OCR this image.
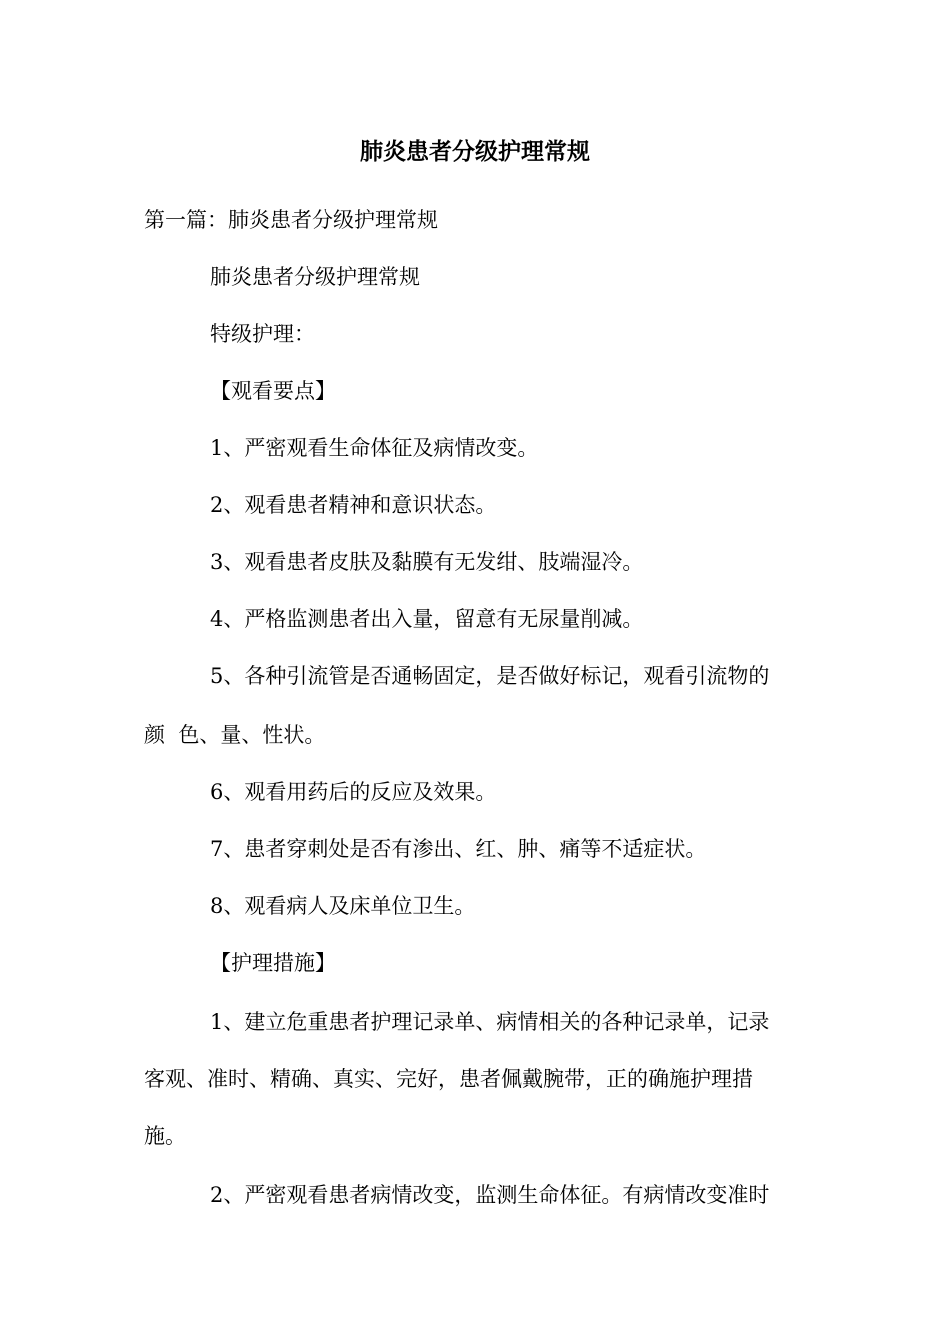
肺炎患者分级护理常规

第一篇：肺炎患者分级护理常规

肺炎患者分级护理常规

特级护理：

【观看要点】

1、严密观看生命体征及病情改变。

2、观看患者精神和意识状态。

3、观看患者皮肤及黏膜有无发绀、肢端湿冷。

4、严格监测患者出入量，留意有无尿量削减。

5、各种引流管是否通畅固定，是否做好标记，观看引流物的

颜  色、量、性状。

6、观看用药后的反应及效果。

7、患者穿刺处是否有渗出、红、肿、痛等不适症状。

8、观看病人及床单位卫生。

【护理措施】

1、建立危重患者护理记录单、病情相关的各种记录单，记录

客观、准时、精确、真实、完好，患者佩戴腕带，正的确施护理措

施。

2、严密观看患者病情改变，监测生命体征。有病情改变准时
